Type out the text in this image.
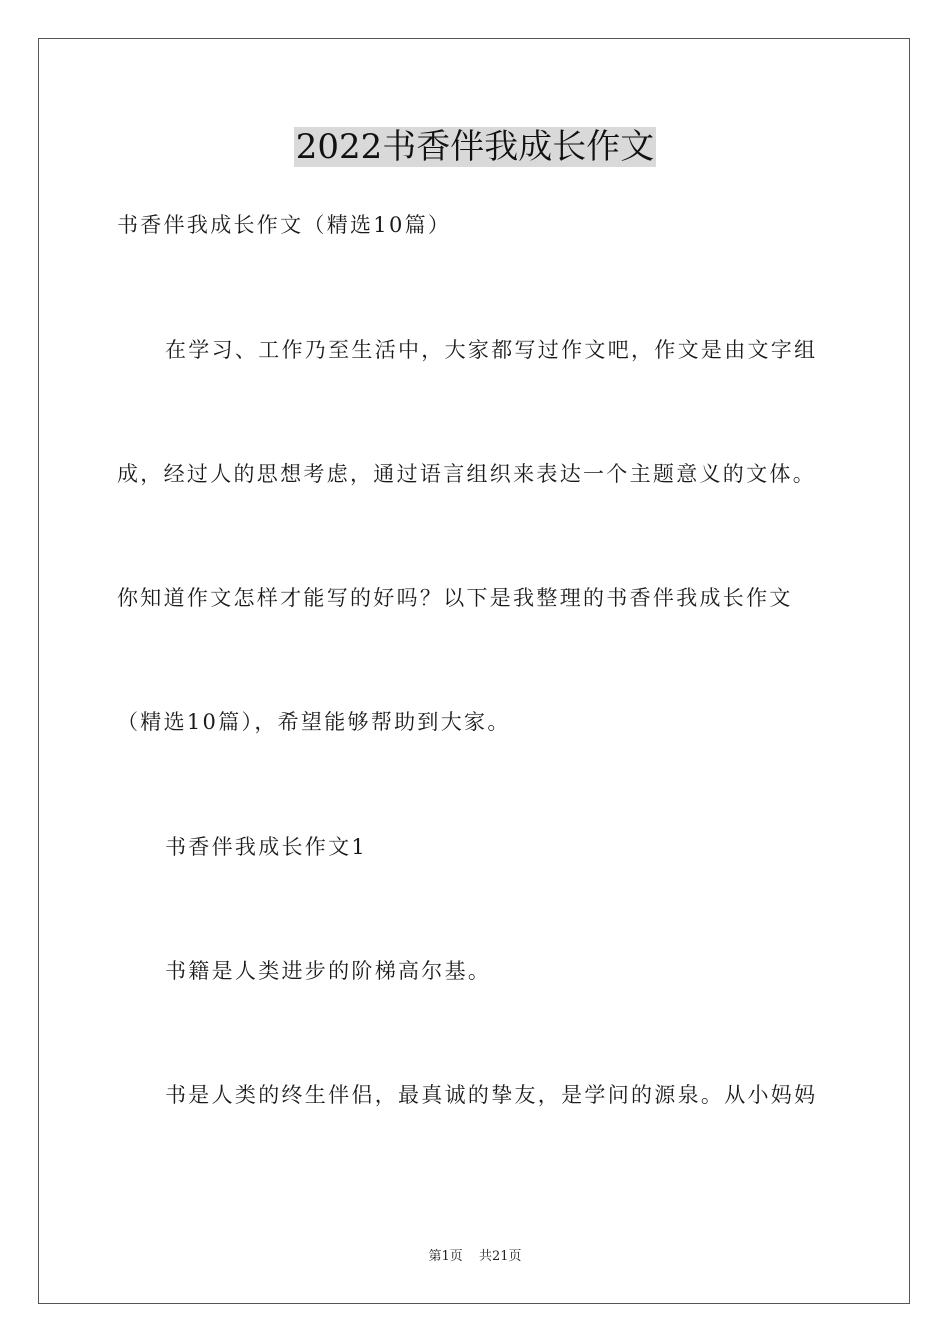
2022书香伴我成长作文
书香伴我成长作文（精选10篇）
在学习、工作乃至生活中，大家都写过作文吧，作文是由文字组
成，经过人的思想考虑，通过语言组织来表达一个主题意义的文体。
你知道作文怎样才能写的好吗？以下是我整理的书香伴我成长作文
（精选10篇），希望能够帮助到大家。
书香伴我成长作文1
书籍是人类进步的阶梯高尔基。
书是人类的终生伴侣，最真诚的挚友，是学问的源泉。从小妈妈
第1页 共21页
